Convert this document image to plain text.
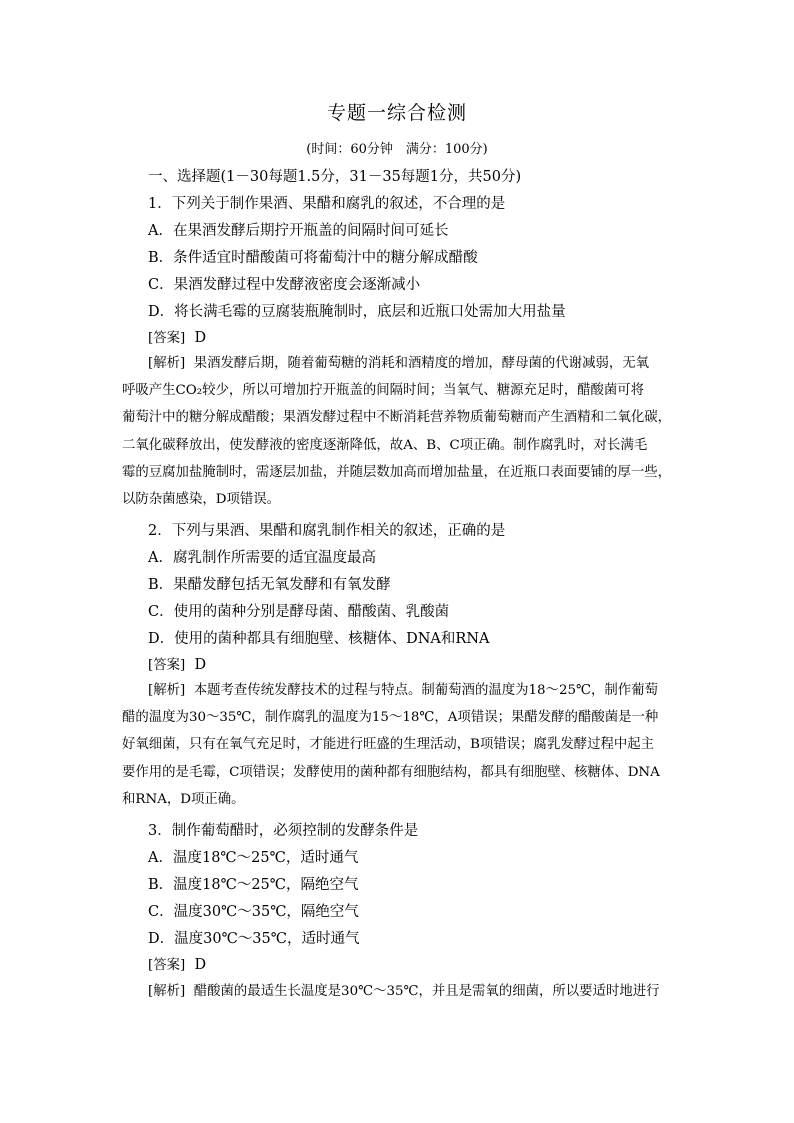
专题一综合检测
(时间：60分钟　满分：100分)
一、选择题(1－30每题1.5分，31－35每题1分，共50分)
1．下列关于制作果酒、果醋和腐乳的叙述，不合理的是
A．在果酒发酵后期拧开瓶盖的间隔时间可延长
B．条件适宜时醋酸菌可将葡萄汁中的糖分解成醋酸
C．果酒发酵过程中发酵液密度会逐渐减小
D．将长满毛霉的豆腐装瓶腌制时，底层和近瓶口处需加大用盐量
[答案] D

[解析] 果酒发酵后期，随着葡萄糖的消耗和酒精度的增加，酵母菌的代谢减弱，无氧

呼吸产生CO₂较少，所以可增加拧开瓶盖的间隔时间；当氧气、糖源充足时，醋酸菌可将

葡萄汁中的糖分解成醋酸；果酒发酵过程中不断消耗营养物质葡萄糖而产生酒精和二氧化碳，

二氧化碳释放出，使发酵液的密度逐渐降低，故A、B、C项正确。制作腐乳时，对长满毛

霉的豆腐加盐腌制时，需逐层加盐，并随层数加高而增加盐量，在近瓶口表面要铺的厚一些，

以防杂菌感染，D项错误。

2．下列与果酒、果醋和腐乳制作相关的叙述，正确的是
A．腐乳制作所需要的适宜温度最高
B．果醋发酵包括无氧发酵和有氧发酵
C．使用的菌种分别是酵母菌、醋酸菌、乳酸菌
D．使用的菌种都具有细胞壁、核糖体、DNA和RNA
[答案] D

[解析] 本题考查传统发酵技术的过程与特点。制葡萄酒的温度为18～25℃，制作葡萄

醋的温度为30～35℃，制作腐乳的温度为15～18℃，A项错误；果醋发酵的醋酸菌是一种

好氧细菌，只有在氧气充足时，才能进行旺盛的生理活动，B项错误；腐乳发酵过程中起主

要作用的是毛霉，C项错误；发酵使用的菌种都有细胞结构，都具有细胞壁、核糖体、DNA

和RNA，D项正确。

3．制作葡萄醋时，必须控制的发酵条件是
A．温度18℃～25℃，适时通气
B．温度18℃～25℃，隔绝空气
C．温度30℃～35℃，隔绝空气
D．温度30℃～35℃，适时通气
[答案] D

[解析] 醋酸菌的最适生长温度是30℃～35℃，并且是需氧的细菌，所以要适时地进行
